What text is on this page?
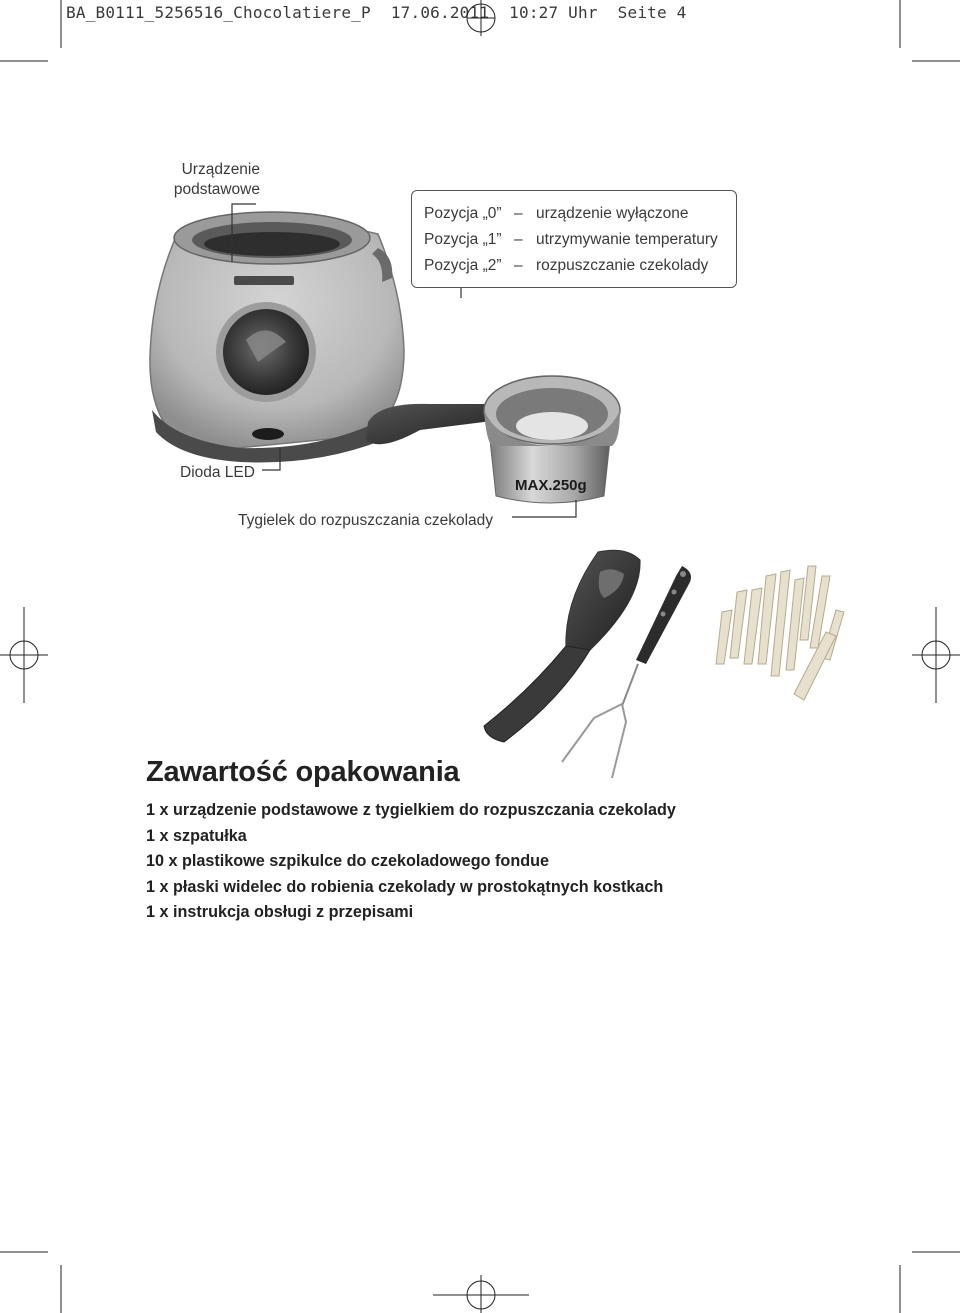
BA_B0111_5256516_Chocolatiere_P 17.06.2011 10:27 Uhr Seite 4
MAX.250g
Urządzenie
podstawowe
Pozycja „0” – urządzenie wyłączone
Pozycja „1” – utrzymywanie temperatury
Pozycja „2” – rozpuszczanie czekolady
Dioda LED
Tygielek do rozpuszczania czekolady
Zawartość opakowania
1 x urządzenie podstawowe z tygielkiem do rozpuszczania czekolady
1 x szpatułka
10 x plastikowe szpikulce do czekoladowego fondue
1 x płaski widelec do robienia czekolady w prostokątnych kostkach
1 x instrukcja obsługi z przepisami
